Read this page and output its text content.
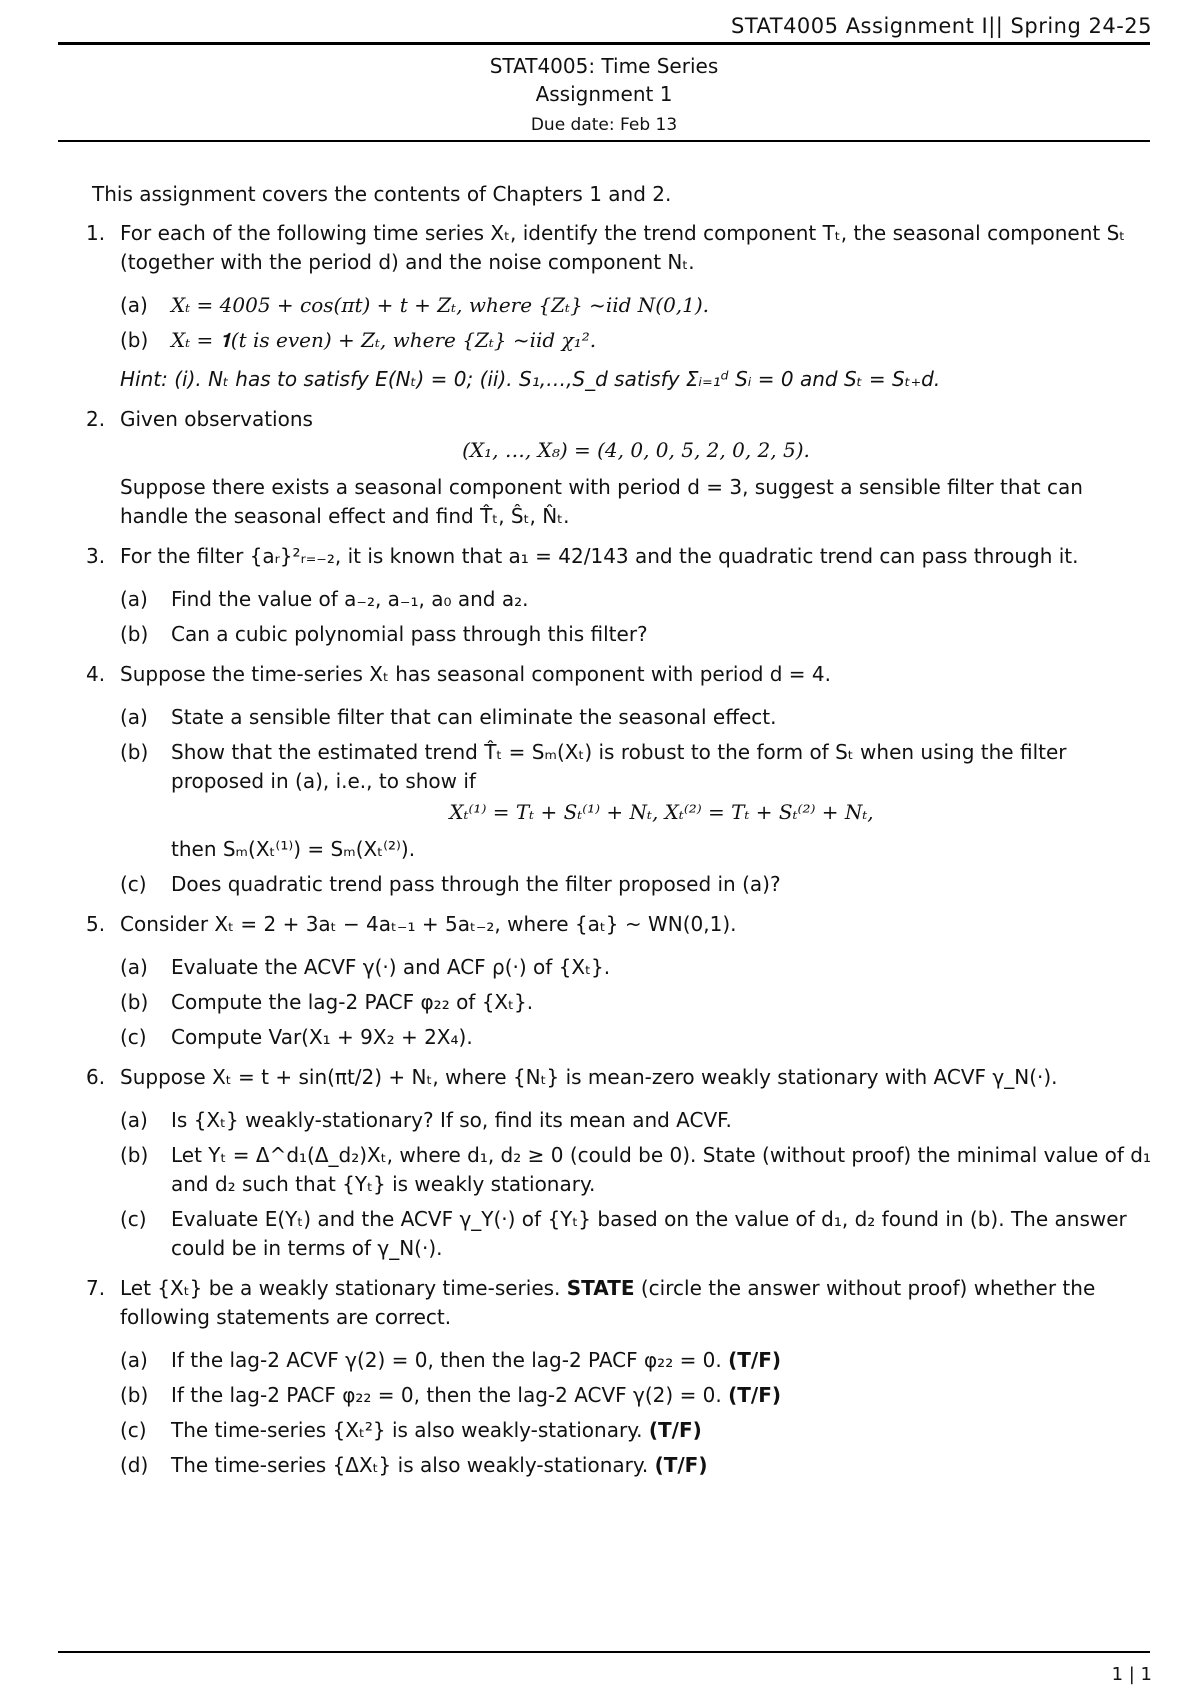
STAT4005 Assignment I|| Spring 24-25
STAT4005: Time Series
Assignment 1
Due date: Feb 13

This assignment covers the contents of Chapters 1 and 2.

1. For each of the following time series Xₜ, identify the trend component Tₜ, the seasonal component Sₜ (together with the period d) and the noise component Nₜ.
(a) Xₜ = 4005 + cos(πt) + t + Zₜ, where {Zₜ} ~iid N(0,1).
(b) Xₜ = 𝟏(t is even) + Zₜ, where {Zₜ} ~iid χ₁².
Hint: (i). Nₜ has to satisfy E(Nₜ) = 0; (ii). S₁,…,S_d satisfy Σᵢ₌₁ᵈ Sᵢ = 0 and Sₜ = Sₜ₊d.
2. Given observations
(X₁, …, X₈) = (4, 0, 0, 5, 2, 0, 2, 5).
Suppose there exists a seasonal component with period d = 3, suggest a sensible filter that can handle the seasonal effect and find T̂ₜ, Ŝₜ, N̂ₜ.
3. For the filter {aᵣ}²ᵣ₌₋₂, it is known that a₁ = 42/143 and the quadratic trend can pass through it.
(a) Find the value of a₋₂, a₋₁, a₀ and a₂.
(b) Can a cubic polynomial pass through this filter?
4. Suppose the time-series Xₜ has seasonal component with period d = 4.
(a) State a sensible filter that can eliminate the seasonal effect.
(b) Show that the estimated trend T̂ₜ = Sₘ(Xₜ) is robust to the form of Sₜ when using the filter proposed in (a), i.e., to show if
Xₜ⁽¹⁾ = Tₜ + Sₜ⁽¹⁾ + Nₜ, Xₜ⁽²⁾ = Tₜ + Sₜ⁽²⁾ + Nₜ,
then Sₘ(Xₜ⁽¹⁾) = Sₘ(Xₜ⁽²⁾).
(c) Does quadratic trend pass through the filter proposed in (a)?
5. Consider Xₜ = 2 + 3aₜ − 4aₜ₋₁ + 5aₜ₋₂, where {aₜ} ~ WN(0,1).
(a) Evaluate the ACVF γ(·) and ACF ρ(·) of {Xₜ}.
(b) Compute the lag-2 PACF φ₂₂ of {Xₜ}.
(c) Compute Var(X₁ + 9X₂ + 2X₄).
6. Suppose Xₜ = t + sin(πt/2) + Nₜ, where {Nₜ} is mean-zero weakly stationary with ACVF γ_N(·).
(a) Is {Xₜ} weakly-stationary? If so, find its mean and ACVF.
(b) Let Yₜ = Δ^d₁(Δ_d₂)Xₜ, where d₁, d₂ ≥ 0 (could be 0). State (without proof) the minimal value of d₁ and d₂ such that {Yₜ} is weakly stationary.
(c) Evaluate E(Yₜ) and the ACVF γ_Y(·) of {Yₜ} based on the value of d₁, d₂ found in (b). The answer could be in terms of γ_N(·).
7. Let {Xₜ} be a weakly stationary time-series. STATE (circle the answer without proof) whether the following statements are correct.
(a) If the lag-2 ACVF γ(2) = 0, then the lag-2 PACF φ₂₂ = 0. (T/F)
(b) If the lag-2 PACF φ₂₂ = 0, then the lag-2 ACVF γ(2) = 0. (T/F)
(c) The time-series {Xₜ²} is also weakly-stationary. (T/F)
(d) The time-series {ΔXₜ} is also weakly-stationary. (T/F)
1 | 1
